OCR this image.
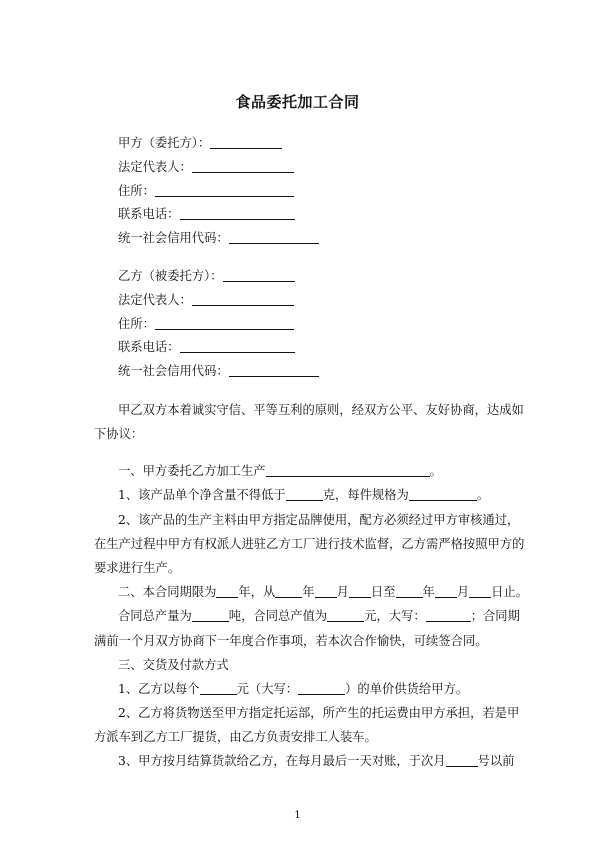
食品委托加工合同
甲方（委托方）：
法定代表人：
住所：
联系电话：
统一社会信用代码：
乙方（被委托方）：
法定代表人：
住所：
联系电话：
统一社会信用代码：
甲乙双方本着诚实守信、平等互利的原则，经双方公平、友好协商，达成如
下协议：
一、甲方委托乙方加工生产	。
1、该产品单个净含量不得低于	克，每件规格为	。
2、该产品的生产主料由甲方指定品牌使用，配方必须经过甲方审核通过，
在生产过程中甲方有权派人进驻乙方工厂进行技术监督，乙方需严格按照甲方的
要求进行生产。
二、本合同期限为 年，从 年 月 日至 年 月 日止。
合同总产量为	吨，合同总产值为	元，大写：	；合同期
满前一个月双方协商下一年度合作事项，若本次合作愉快，可续签合同。
三、交货及付款方式
1、乙方以每个	元（大写：	）的单价供货给甲方。
2、乙方将货物送至甲方指定托运部，所产生的托运费由甲方承担，若是甲
方派车到乙方工厂提货，由乙方负责安排工人装车。
3、甲方按月结算货款给乙方，在每月最后一天对账，于次月	号以前
1
